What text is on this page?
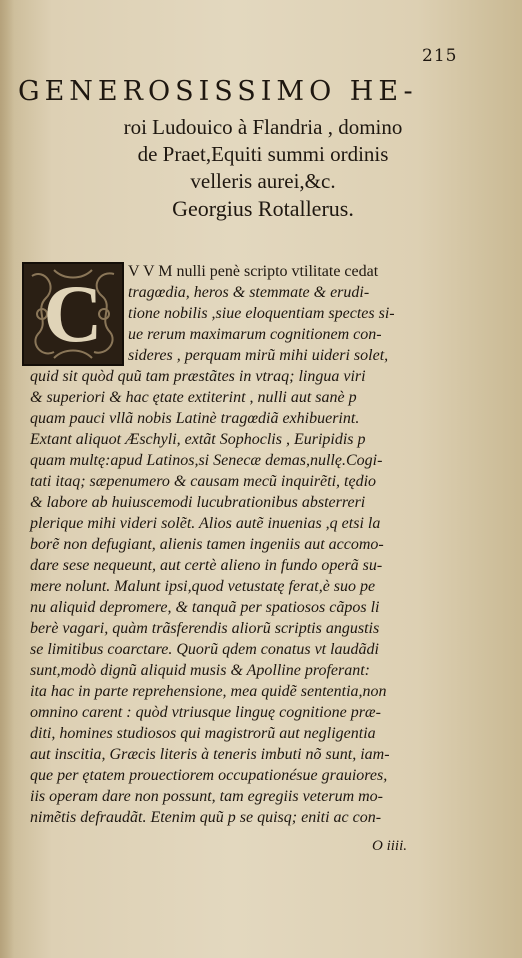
215
GENEROSISSIMO HE-
roi Ludouico à Flandria , domino
de Praet,Equiti summi ordinis
velleris aurei,&c.
Georgius Rotallerus.
C	V V M nulli penè scripto vtilitate cedat
tragœdia, heros & stemmate & erudi-
tione nobilis ,siue eloquentiam spectes si-
ue rerum maximarum cognitionem con-
sideres , perquam mirũ mihi uideri solet,
quid sit quòd quũ tam præstãtes in vtraq; lingua viri
& superiori & hac ętate extiterint , nulli aut sanè p
quam pauci vllã nobis Latinè tragœdiã exhibuerint.
Extant aliquot Æschyli, extãt Sophoclis , Euripidis p
quam multę:apud Latinos,si Senecæ demas,nullę.Cogi-
tati itaq; sæpenumero & causam mecũ inquirẽti, tędio
& labore ab huiuscemodi lucubrationibus absterreri
plerique mihi videri solẽt. Alios autẽ inuenias ,q etsi la
borẽ non defugiant, alienis tamen ingeniis aut accomo-
dare sese nequeunt, aut certè alieno in fundo operã su-
mere nolunt. Malunt ipsi,quod vetustatę ferat,è suo pe
nu aliquid depromere, & tanquã per spatiosos cãpos li
berè vagari, quàm trãsferendis aliorũ scriptis angustis
se limitibus coarctare. Quorũ qdem conatus vt laudãdi
sunt,modò dignũ aliquid musis & Apolline proferant:
ita hac in parte reprehensione, mea quidẽ sententia,non
omnino carent : quòd vtriusque linguę cognitione præ-
diti, homines studiosos qui magistrorũ aut negligentia
aut inscitia, Græcis literis à teneris imbuti nõ sunt, iam-
que per ętatem prouectiorem occupationésue grauiores,
iis operam dare non possunt, tam egregiis veterum mo-
nimẽtis defraudãt. Etenim quũ p se quisq; eniti ac con-
O iiii.
